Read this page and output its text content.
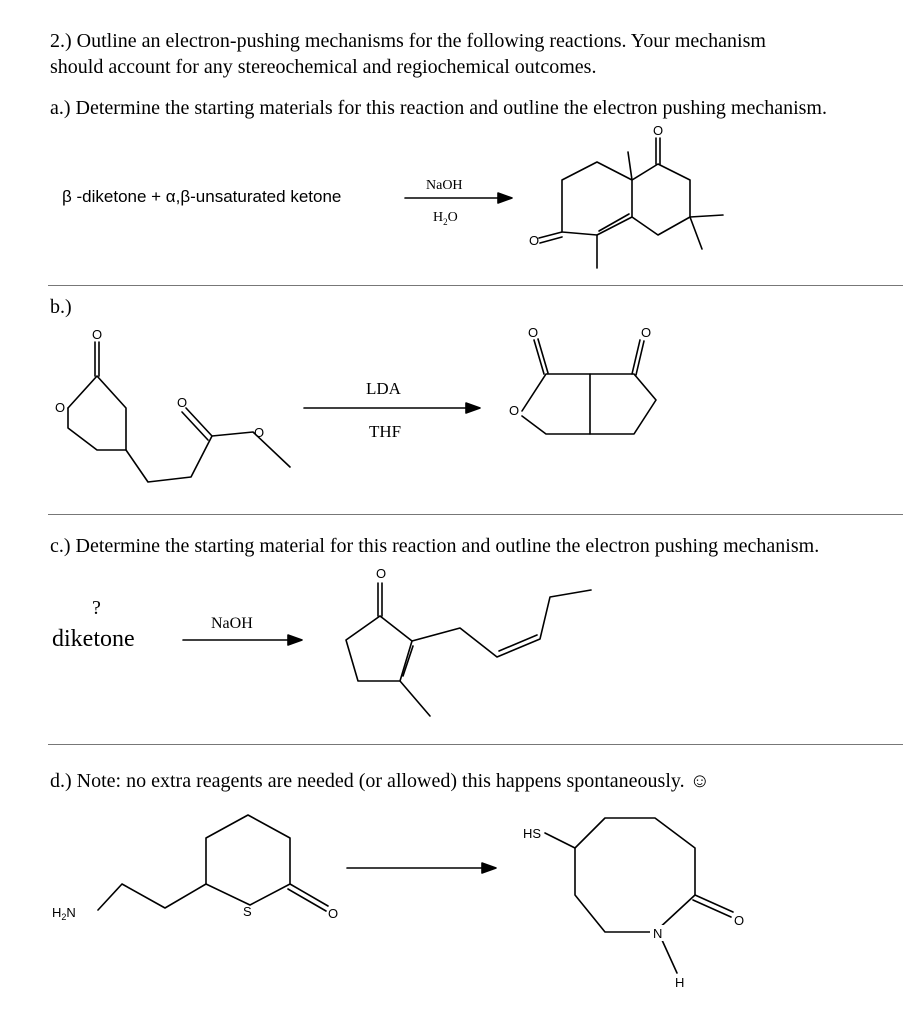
2.) Outline an electron-pushing mechanisms for the following reactions. Your mechanism
should account for any stereochemical and regiochemical outcomes.
a.) Determine the starting materials for this reaction and outline the electron pushing mechanism.
β -diketone + α,β-unsaturated ketone
NaOH
$H_2O$
b.)
LDA
THF
c.) Determine the starting material for this reaction and outline the electron pushing mechanism.
?
diketone
NaOH
d.) Note: no extra reagents are needed (or allowed) this happens spontaneously. ☺
O
O
O
O	O
O
O	O
O
O
S	O
$H_2N$
N
H
HS
O
